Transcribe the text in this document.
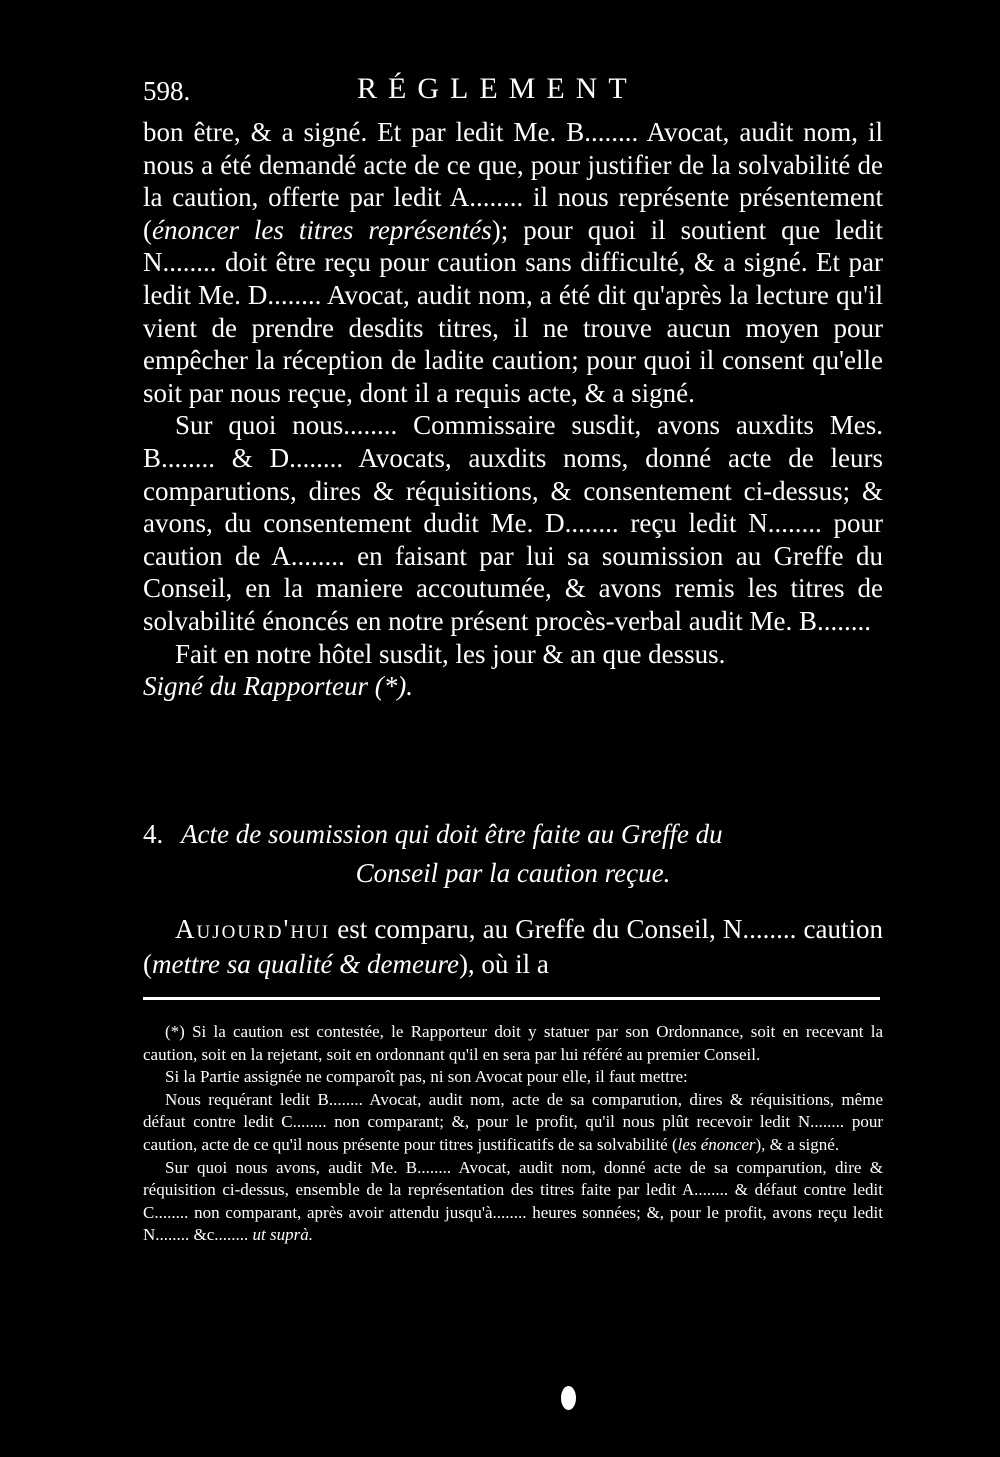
598.	RÉGLEMENT

bon être, & a signé. Et par ledit Me. B........ Avocat, audit nom, il nous a été demandé acte de ce que, pour justifier de la solvabilité de la caution, offerte par ledit A........ il nous représente présentement (énoncer les titres représentés); pour quoi il soutient que ledit N........ doit être reçu pour caution sans difficulté, & a signé. Et par ledit Me. D........ Avocat, audit nom, a été dit qu'après la lecture qu'il vient de prendre desdits titres, il ne trouve aucun moyen pour empêcher la réception de ladite caution; pour quoi il consent qu'elle soit par nous reçue, dont il a requis acte, & a signé.

Sur quoi nous........ Commissaire susdit, avons auxdits Mes. B........ & D........ Avocats, auxdits noms, donné acte de leurs comparutions, dires & réquisitions, & consentement ci-dessus; & avons, du consentement dudit Me. D........ reçu ledit N........ pour caution de A........ en faisant par lui sa soumission au Greffe du Conseil, en la maniere accoutumée, & avons remis les titres de solvabilité énoncés en notre présent procès-verbal audit Me. B........

Fait en notre hôtel susdit, les jour & an que dessus.

Signé du Rapporteur (*).

4. Acte de soumission qui doit être faite au Greffe du
Conseil par la caution reçue.

Aujourd'hui est comparu, au Greffe du Conseil, N........ caution (mettre sa qualité & demeure), où il a

(*) Si la caution est contestée, le Rapporteur doit y statuer par son Ordonnance, soit en recevant la caution, soit en la rejetant, soit en ordonnant qu'il en sera par lui référé au premier Conseil.

Si la Partie assignée ne comparoît pas, ni son Avocat pour elle, il faut mettre:

Nous requérant ledit B........ Avocat, audit nom, acte de sa comparution, dires & réquisitions, même défaut contre ledit C........ non comparant; &, pour le profit, qu'il nous plût recevoir ledit N........ pour caution, acte de ce qu'il nous présente pour titres justificatifs de sa solvabilité (les énoncer), & a signé.

Sur quoi nous avons, audit Me. B........ Avocat, audit nom, donné acte de sa comparution, dire & réquisition ci-dessus, ensemble de la représentation des titres faite par ledit A........ & défaut contre ledit C........ non comparant, après avoir attendu jusqu'à........ heures sonnées; &, pour le profit, avons reçu ledit N........ &c........ ut suprà.
